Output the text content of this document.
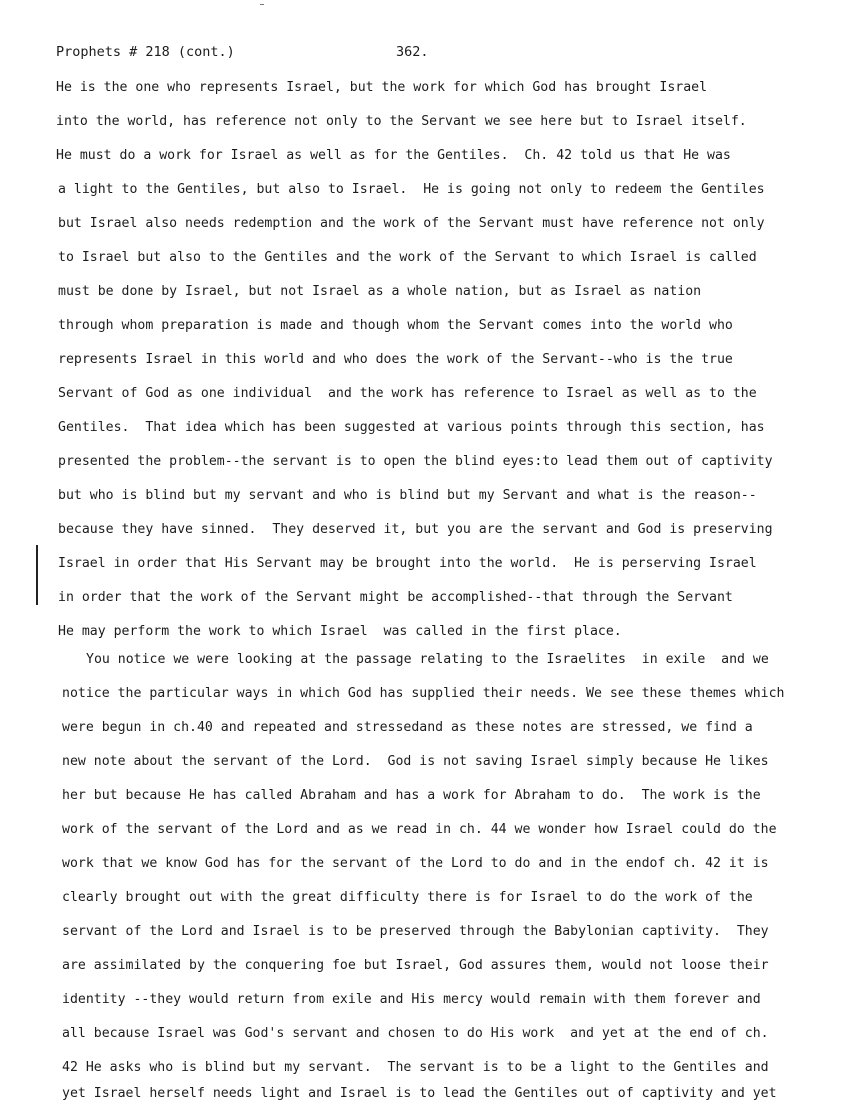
Prophets # 218 (cont.)

	362.

He is the one who represents Israel, but the work for which God has brought Israel
into the world, has reference not only to the Servant we see here but to Israel itself.
He must do a work for Israel as well as for the Gentiles.  Ch. 42 told us that He was
a light to the Gentiles, but also to Israel.  He is going not only to redeem the Gentiles
but Israel also needs redemption and the work of the Servant must have reference not only
to Israel but also to the Gentiles and the work of the Servant to which Israel is called
must be done by Israel, but not Israel as a whole nation, but as Israel as nation
through whom preparation is made and though whom the Servant comes into the world who
represents Israel in this world and who does the work of the Servant--who is the true
Servant of God as one individual  and the work has reference to Israel as well as to the
Gentiles.  That idea which has been suggested at various points through this section, has
presented the problem--the servant is to open the blind eyes:to lead them out of captivity
but who is blind but my servant and who is blind but my Servant and what is the reason--
because they have sinned.  They deserved it, but you are the servant and God is preserving
Israel in order that His Servant may be brought into the world.  He is perserving Israel
in order that the work of the Servant might be accomplished--that through the Servant
He may perform the work to which Israel  was called in the first place.
You notice we were looking at the passage relating to the Israelites  in exile  and we
notice the particular ways in which God has supplied their needs. We see these themes which
were begun in ch.40 and repeated and stressedand as these notes are stressed, we find a
new note about the servant of the Lord.  God is not saving Israel simply because He likes
her but because He has called Abraham and has a work for Abraham to do.  The work is the
work of the servant of the Lord and as we read in ch. 44 we wonder how Israel could do the
work that we know God has for the servant of the Lord to do and in the endof ch. 42 it is
clearly brought out with the great difficulty there is for Israel to do the work of the
servant of the Lord and Israel is to be preserved through the Babylonian captivity.  They
are assimilated by the conquering foe but Israel, God assures them, would not loose their
identity --they would return from exile and His mercy would remain with them forever and
all because Israel was God's servant and chosen to do His work  and yet at the end of ch.
42 He asks who is blind but my servant.  The servant is to be a light to the Gentiles and
yet Israel herself needs light and Israel is to lead the Gentiles out of captivity and yet
